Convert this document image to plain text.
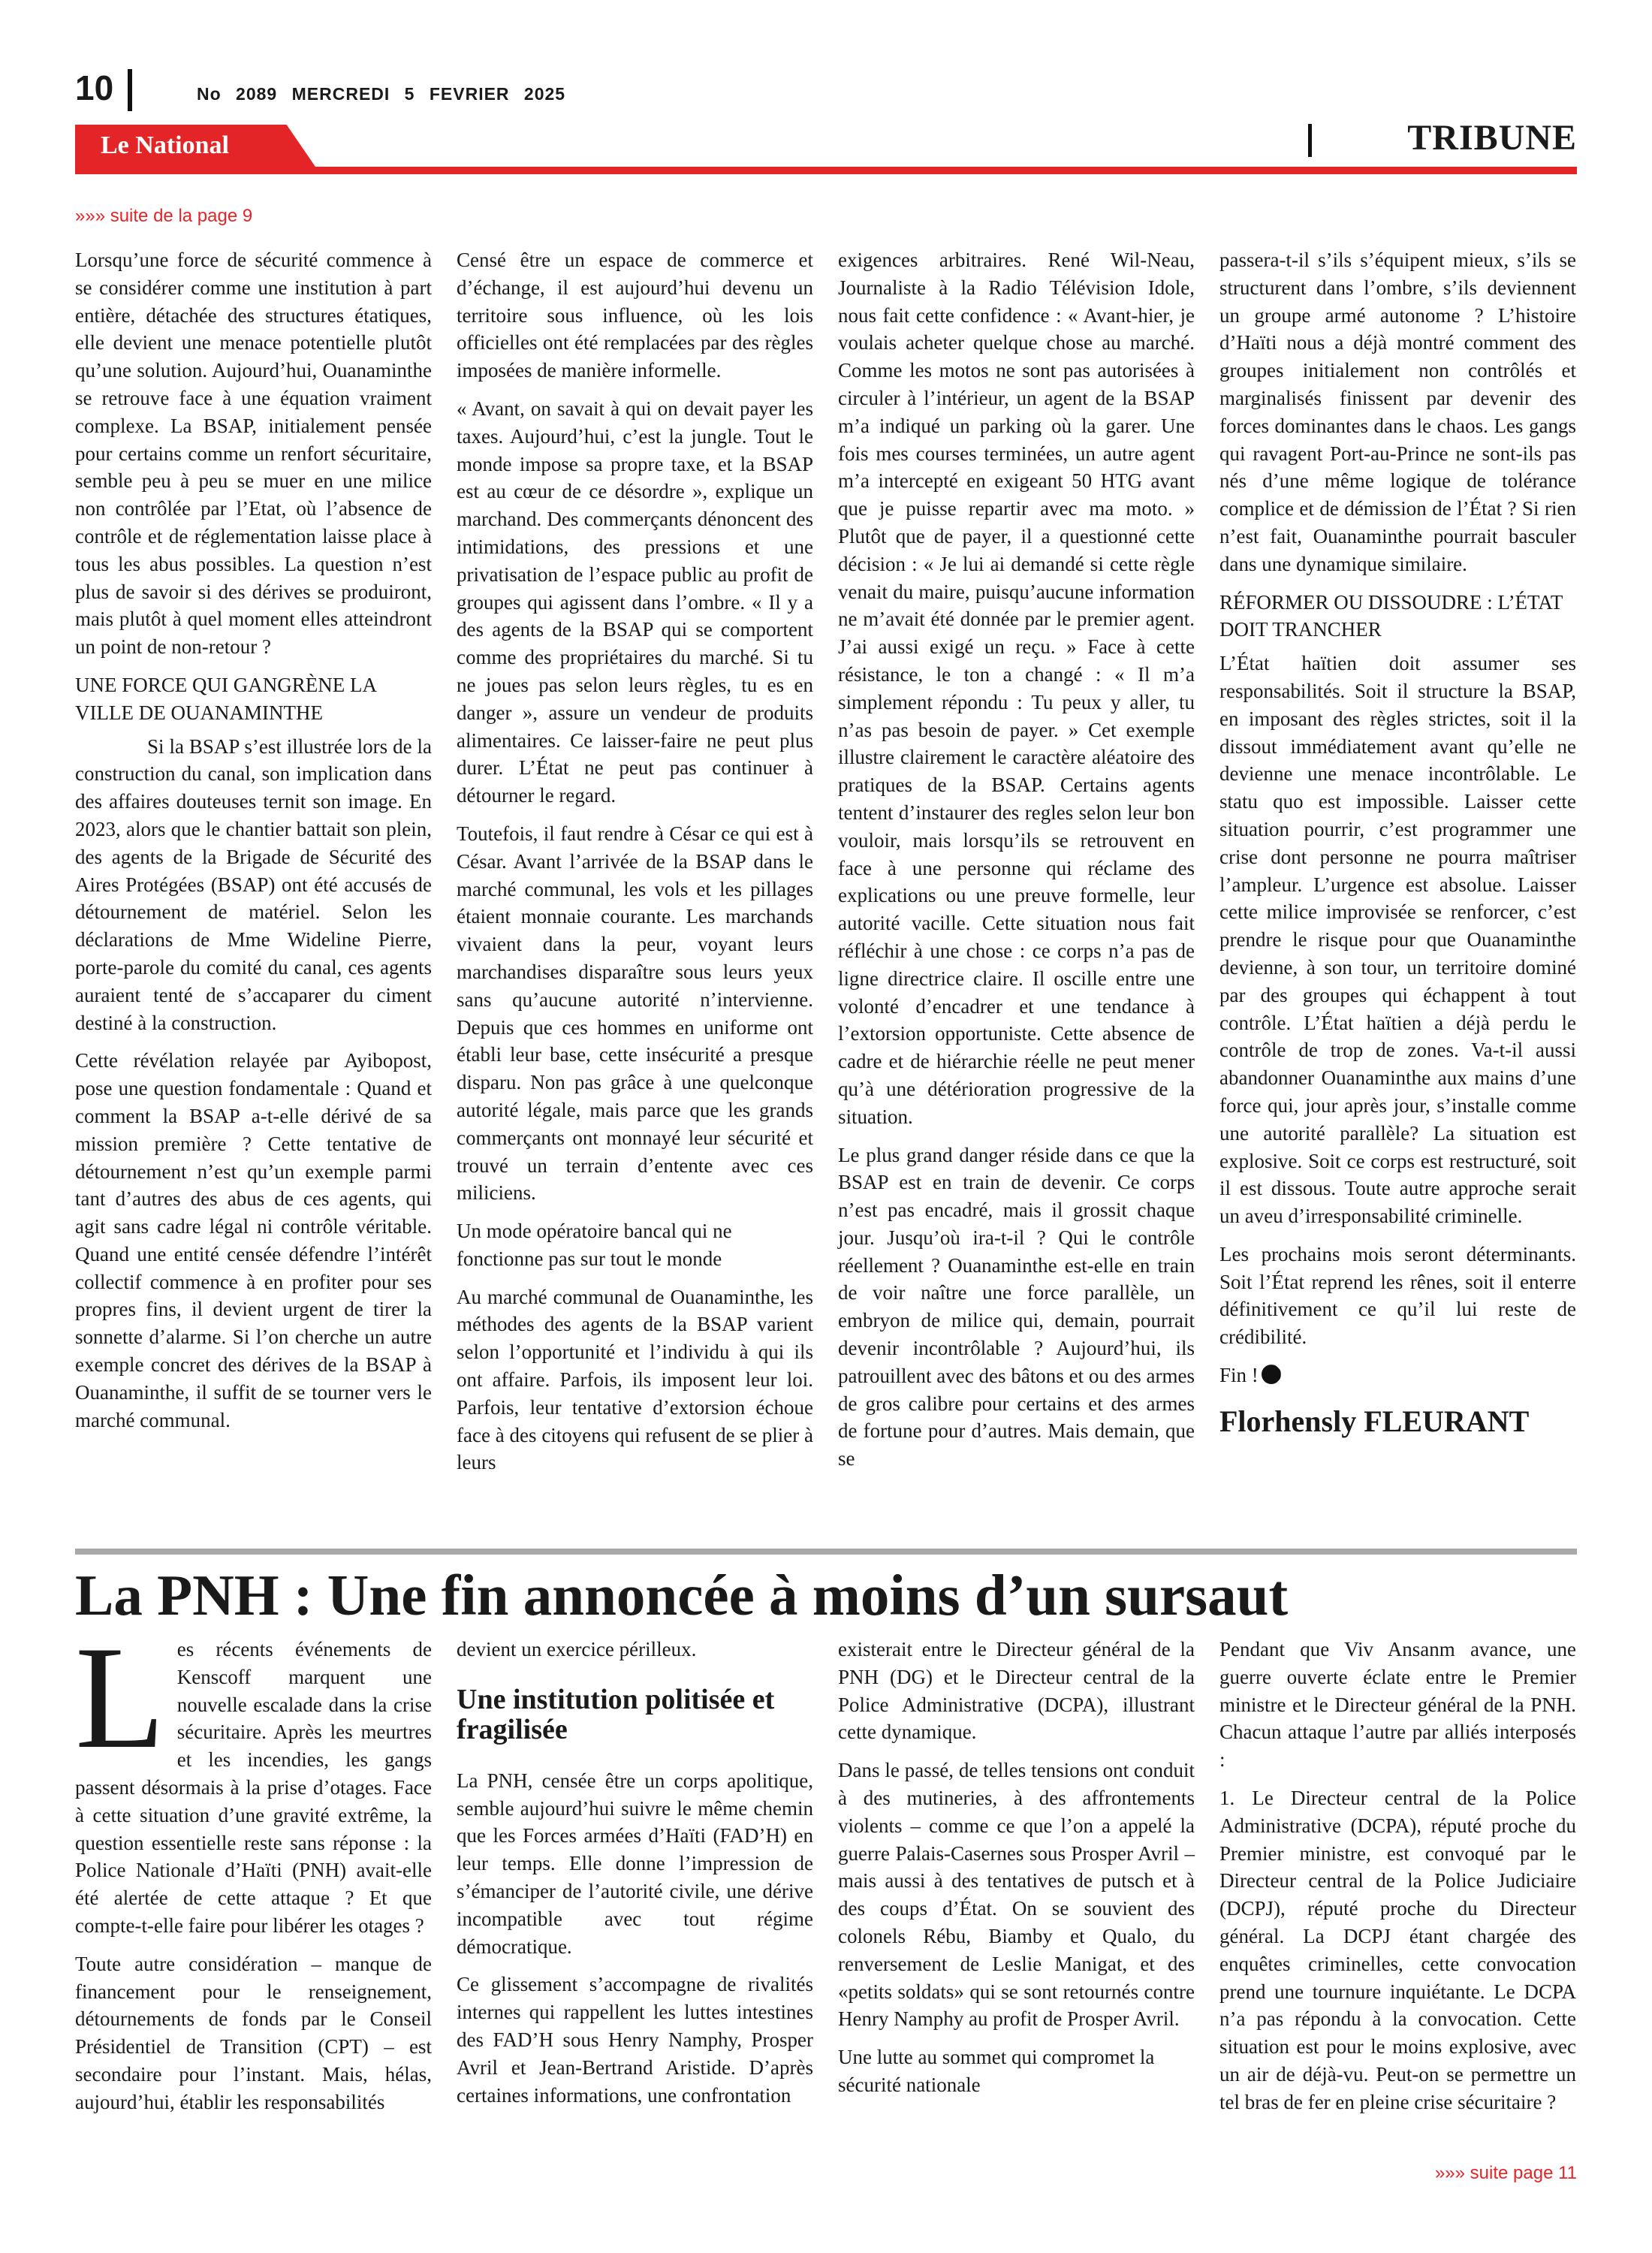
10	No 2089 MERCREDI 5 FEVRIER 2025
Le National	TRIBUNE
»»» suite de la page 9

Lorsqu’une force de sécurité commence à se considérer comme une institution à part entière, détachée des structures étatiques, elle devient une menace potentielle plutôt qu’une solution. Aujourd’hui, Ouanaminthe se retrouve face à une équation vraiment complexe. La BSAP, initialement pensée pour certains comme un renfort sécuritaire, semble peu à peu se muer en une milice non contrôlée par l’Etat, où l’absence de contrôle et de réglementation laisse place à tous les abus possibles. La question n’est plus de savoir si des dérives se produiront, mais plutôt à quel moment elles atteindront un point de non-retour ?

UNE FORCE QUI GANGRÈNE LA VILLE DE OUANAMINTHE

Si la BSAP s’est illustrée lors de la construction du canal, son implication dans des affaires douteuses ternit son image. En 2023, alors que le chantier battait son plein, des agents de la Brigade de Sécurité des Aires Protégées (BSAP) ont été accusés de détournement de matériel. Selon les déclarations de Mme Wideline Pierre, porte-parole du comité du canal, ces agents auraient tenté de s’accaparer du ciment destiné à la construction.

Cette révélation relayée par Ayibopost, pose une question fondamentale : Quand et comment la BSAP a-t-elle dérivé de sa mission première ? Cette tentative de détournement n’est qu’un exemple parmi tant d’autres des abus de ces agents, qui agit sans cadre légal ni contrôle véritable. Quand une entité censée défendre l’intérêt collectif commence à en profiter pour ses propres fins, il devient urgent de tirer la sonnette d’alarme. Si l’on cherche un autre exemple concret des dérives de la BSAP à Ouanaminthe, il suffit de se tourner vers le marché communal.

Censé être un espace de commerce et d’échange, il est aujourd’hui devenu un territoire sous influence, où les lois officielles ont été remplacées par des règles imposées de manière informelle.

« Avant, on savait à qui on devait payer les taxes. Aujourd’hui, c’est la jungle. Tout le monde impose sa propre taxe, et la BSAP est au cœur de ce désordre », explique un marchand. Des commerçants dénoncent des intimidations, des pressions et une privatisation de l’espace public au profit de groupes qui agissent dans l’ombre. « Il y a des agents de la BSAP qui se comportent comme des propriétaires du marché. Si tu ne joues pas selon leurs règles, tu es en danger », assure un vendeur de produits alimentaires. Ce laisser-faire ne peut plus durer. L’État ne peut pas continuer à détourner le regard.

Toutefois, il faut rendre à César ce qui est à César. Avant l’arrivée de la BSAP dans le marché communal, les vols et les pillages étaient monnaie courante. Les marchands vivaient dans la peur, voyant leurs marchandises disparaître sous leurs yeux sans qu’aucune autorité n’intervienne. Depuis que ces hommes en uniforme ont établi leur base, cette insécurité a presque disparu. Non pas grâce à une quelconque autorité légale, mais parce que les grands commerçants ont monnayé leur sécurité et trouvé un terrain d’entente avec ces miliciens.

Un mode opératoire bancal qui ne fonctionne pas sur tout le monde

Au marché communal de Ouanaminthe, les méthodes des agents de la BSAP varient selon l’opportunité et l’individu à qui ils ont affaire. Parfois, ils imposent leur loi. Parfois, leur tentative d’extorsion échoue face à des citoyens qui refusent de se plier à leurs

exigences arbitraires. René Wil-Neau, Journaliste à la Radio Télévision Idole, nous fait cette confidence : « Avant-hier, je voulais acheter quelque chose au marché. Comme les motos ne sont pas autorisées à circuler à l’intérieur, un agent de la BSAP m’a indiqué un parking où la garer. Une fois mes courses terminées, un autre agent m’a intercepté en exigeant 50 HTG avant que je puisse repartir avec ma moto. » Plutôt que de payer, il a questionné cette décision : « Je lui ai demandé si cette règle venait du maire, puisqu’aucune information ne m’avait été donnée par le premier agent. J’ai aussi exigé un reçu. » Face à cette résistance, le ton a changé : « Il m’a simplement répondu : Tu peux y aller, tu n’as pas besoin de payer. » Cet exemple illustre clairement le caractère aléatoire des pratiques de la BSAP. Certains agents tentent d’instaurer des regles selon leur bon vouloir, mais lorsqu’ils se retrouvent en face à une personne qui réclame des explications ou une preuve formelle, leur autorité vacille. Cette situation nous fait réfléchir à une chose : ce corps n’a pas de ligne directrice claire. Il oscille entre une volonté d’encadrer et une tendance à l’extorsion opportuniste. Cette absence de cadre et de hiérarchie réelle ne peut mener qu’à une détérioration progressive de la situation.

Le plus grand danger réside dans ce que la BSAP est en train de devenir. Ce corps n’est pas encadré, mais il grossit chaque jour. Jusqu’où ira-t-il ? Qui le contrôle réellement ? Ouanaminthe est-elle en train de voir naître une force parallèle, un embryon de milice qui, demain, pourrait devenir incontrôlable ? Aujourd’hui, ils patrouillent avec des bâtons et ou des armes de gros calibre pour certains et des armes de fortune pour d’autres. Mais demain, que se

passera-t-il s’ils s’équipent mieux, s’ils se structurent dans l’ombre, s’ils deviennent un groupe armé autonome ? L’histoire d’Haïti nous a déjà montré comment des groupes initialement non contrôlés et marginalisés finissent par devenir des forces dominantes dans le chaos. Les gangs qui ravagent Port-au-Prince ne sont-ils pas nés d’une même logique de tolérance complice et de démission de l’État ? Si rien n’est fait, Ouanaminthe pourrait basculer dans une dynamique similaire.

RÉFORMER OU DISSOUDRE : L’ÉTAT DOIT TRANCHER

L’État haïtien doit assumer ses responsabilités. Soit il structure la BSAP, en imposant des règles strictes, soit il la dissout immédiatement avant qu’elle ne devienne une menace incontrôlable. Le statu quo est impossible. Laisser cette situation pourrir, c’est programmer une crise dont personne ne pourra maîtriser l’ampleur. L’urgence est absolue. Laisser cette milice improvisée se renforcer, c’est prendre le risque pour que Ouanaminthe devienne, à son tour, un territoire dominé par des groupes qui échappent à tout contrôle. L’État haïtien a déjà perdu le contrôle de trop de zones. Va-t-il aussi abandonner Ouanaminthe aux mains d’une force qui, jour après jour, s’installe comme une autorité parallèle? La situation est explosive. Soit ce corps est restructuré, soit il est dissous. Toute autre approche serait un aveu d’irresponsabilité criminelle.

Les prochains mois seront déterminants. Soit l’État reprend les rênes, soit il enterre définitivement ce qu’il lui reste de crédibilité.

Fin !

Florhensly FLEURANT

La PNH : Une fin annoncée à moins d’un sursaut

Les récents événements de Kenscoff marquent une nouvelle escalade dans la crise sécuritaire. Après les meurtres et les incendies, les gangs passent désormais à la prise d’otages. Face à cette situation d’une gravité extrême, la question essentielle reste sans réponse : la Police Nationale d’Haïti (PNH) avait-elle été alertée de cette attaque ? Et que compte-t-elle faire pour libérer les otages ?

Toute autre considération – manque de financement pour le renseignement, détournements de fonds par le Conseil Présidentiel de Transition (CPT) – est secondaire pour l’instant. Mais, hélas, aujourd’hui, établir les responsabilités

devient un exercice périlleux.

Une institution politisée et fragilisée

La PNH, censée être un corps apolitique, semble aujourd’hui suivre le même chemin que les Forces armées d’Haïti (FAD’H) en leur temps. Elle donne l’impression de s’émanciper de l’autorité civile, une dérive incompatible avec tout régime démocratique.

Ce glissement s’accompagne de rivalités internes qui rappellent les luttes intestines des FAD’H sous Henry Namphy, Prosper Avril et Jean-Bertrand Aristide. D’après certaines informations, une confrontation

existerait entre le Directeur général de la PNH (DG) et le Directeur central de la Police Administrative (DCPA), illustrant cette dynamique.

Dans le passé, de telles tensions ont conduit à des mutineries, à des affrontements violents – comme ce que l’on a appelé la guerre Palais-Casernes sous Prosper Avril – mais aussi à des tentatives de putsch et à des coups d’État. On se souvient des colonels Rébu, Biamby et Qualo, du renversement de Leslie Manigat, et des «petits soldats» qui se sont retournés contre Henry Namphy au profit de Prosper Avril.

Une lutte au sommet qui compromet la sécurité nationale

Pendant que Viv Ansanm avance, une guerre ouverte éclate entre le Premier ministre et le Directeur général de la PNH. Chacun attaque l’autre par alliés interposés :

1. Le Directeur central de la Police Administrative (DCPA), réputé proche du Premier ministre, est convoqué par le Directeur central de la Police Judiciaire (DCPJ), réputé proche du Directeur général. La DCPJ étant chargée des enquêtes criminelles, cette convocation prend une tournure inquiétante. Le DCPA n’a pas répondu à la convocation. Cette situation est pour le moins explosive, avec un air de déjà-vu. Peut-on se permettre un tel bras de fer en pleine crise sécuritaire ?

»»» suite page 11
